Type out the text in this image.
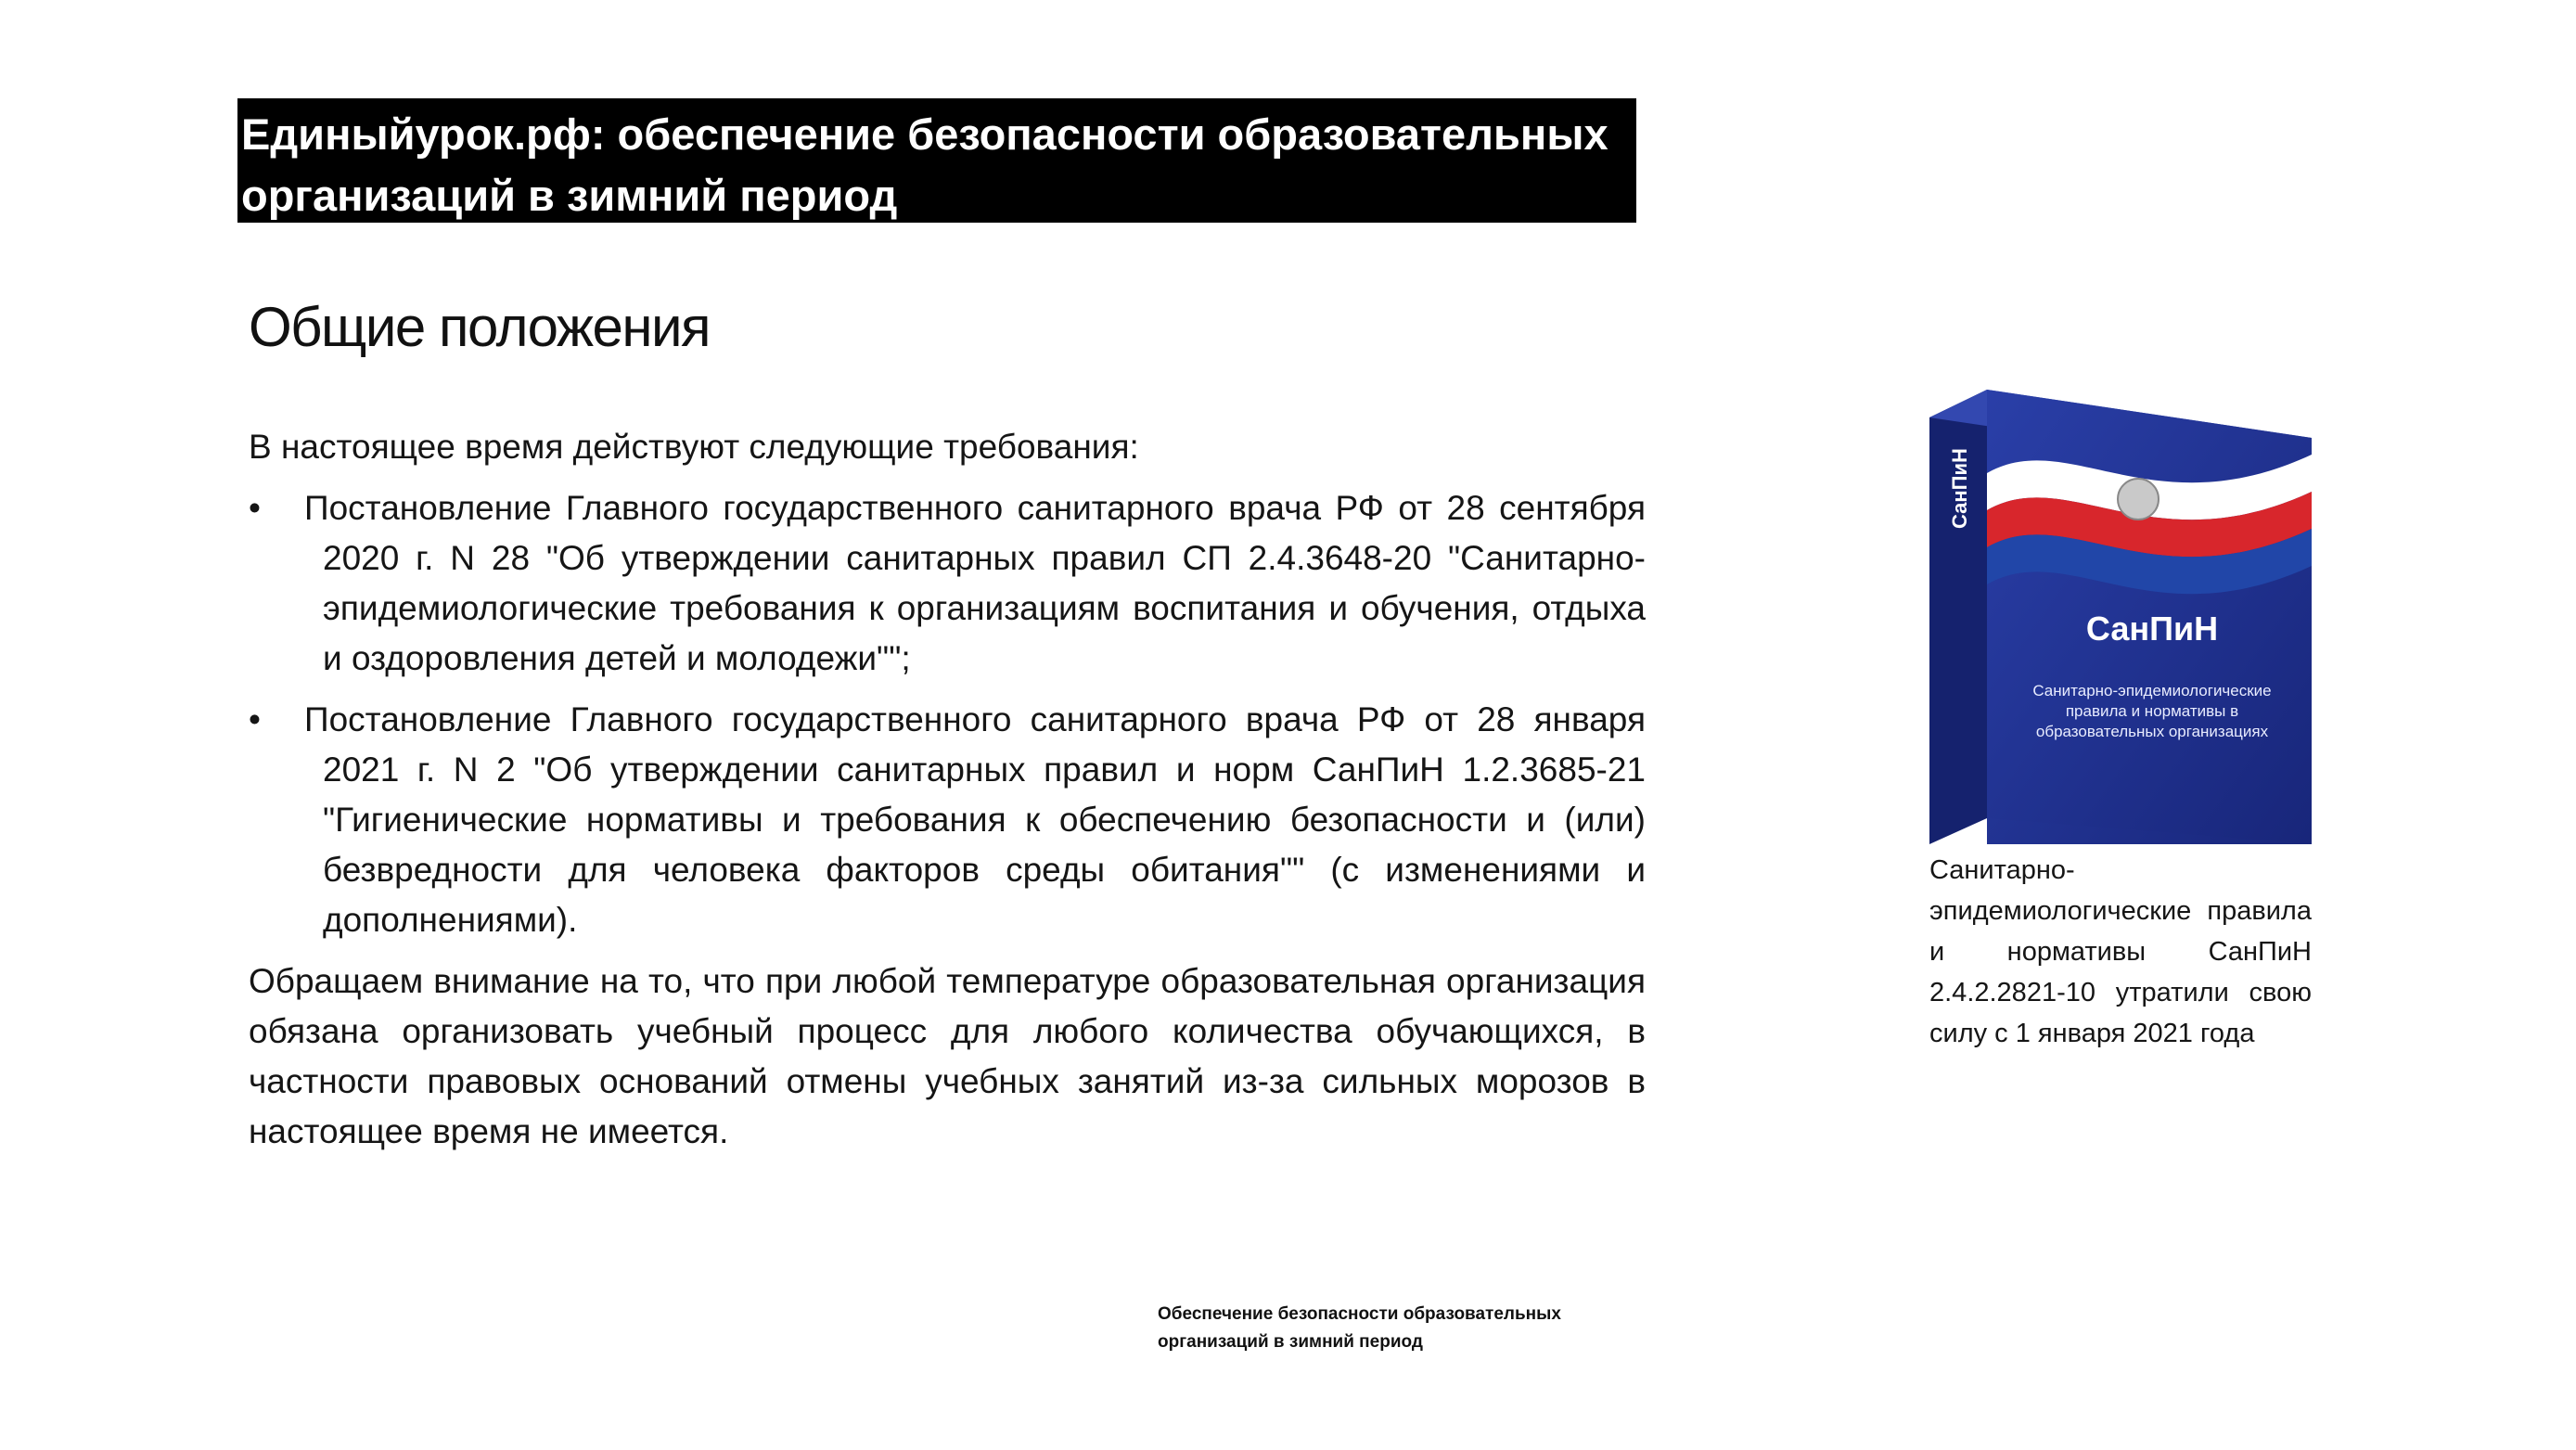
Единыйурок.рф: обеспечение безопасности образовательных
организаций в зимний период
Общие положения

В настоящее время действуют следующие требования:

• Постановление Главного государственного санитарного врача РФ от 28 сентября 2020 г. N 28 "Об утверждении санитарных правил СП 2.4.3648-20 "Санитарно-эпидемиологические требования к организациям воспитания и обучения, отдыха и оздоровления детей и молодежи"";
• Постановление Главного государственного санитарного врача РФ от 28 января 2021 г. N 2 "Об утверждении санитарных правил и норм СанПиН 1.2.3685-21 "Гигиенические нормативы и требования к обеспечению безопасности и (или) безвредности для человека факторов среды обитания"" (с изменениями и дополнениями).

Обращаем внимание на то, что при любой температуре образовательная организация обязана организовать учебный процесс для любого количества обучающихся, в частности правовых оснований отмены учебных занятий из-за сильных морозов в настоящее время не имеется.

СанПиН
Санитарно-эпидемиологические
правила и нормативы в
образовательных организациях
СанПиН
Санитарно-эпидемиологические правила и нормативы СанПиН 2.4.2.2821-10 утратили свою силу с 1 января 2021 года
Обеспечение безопасности образовательных
организаций в зимний период
